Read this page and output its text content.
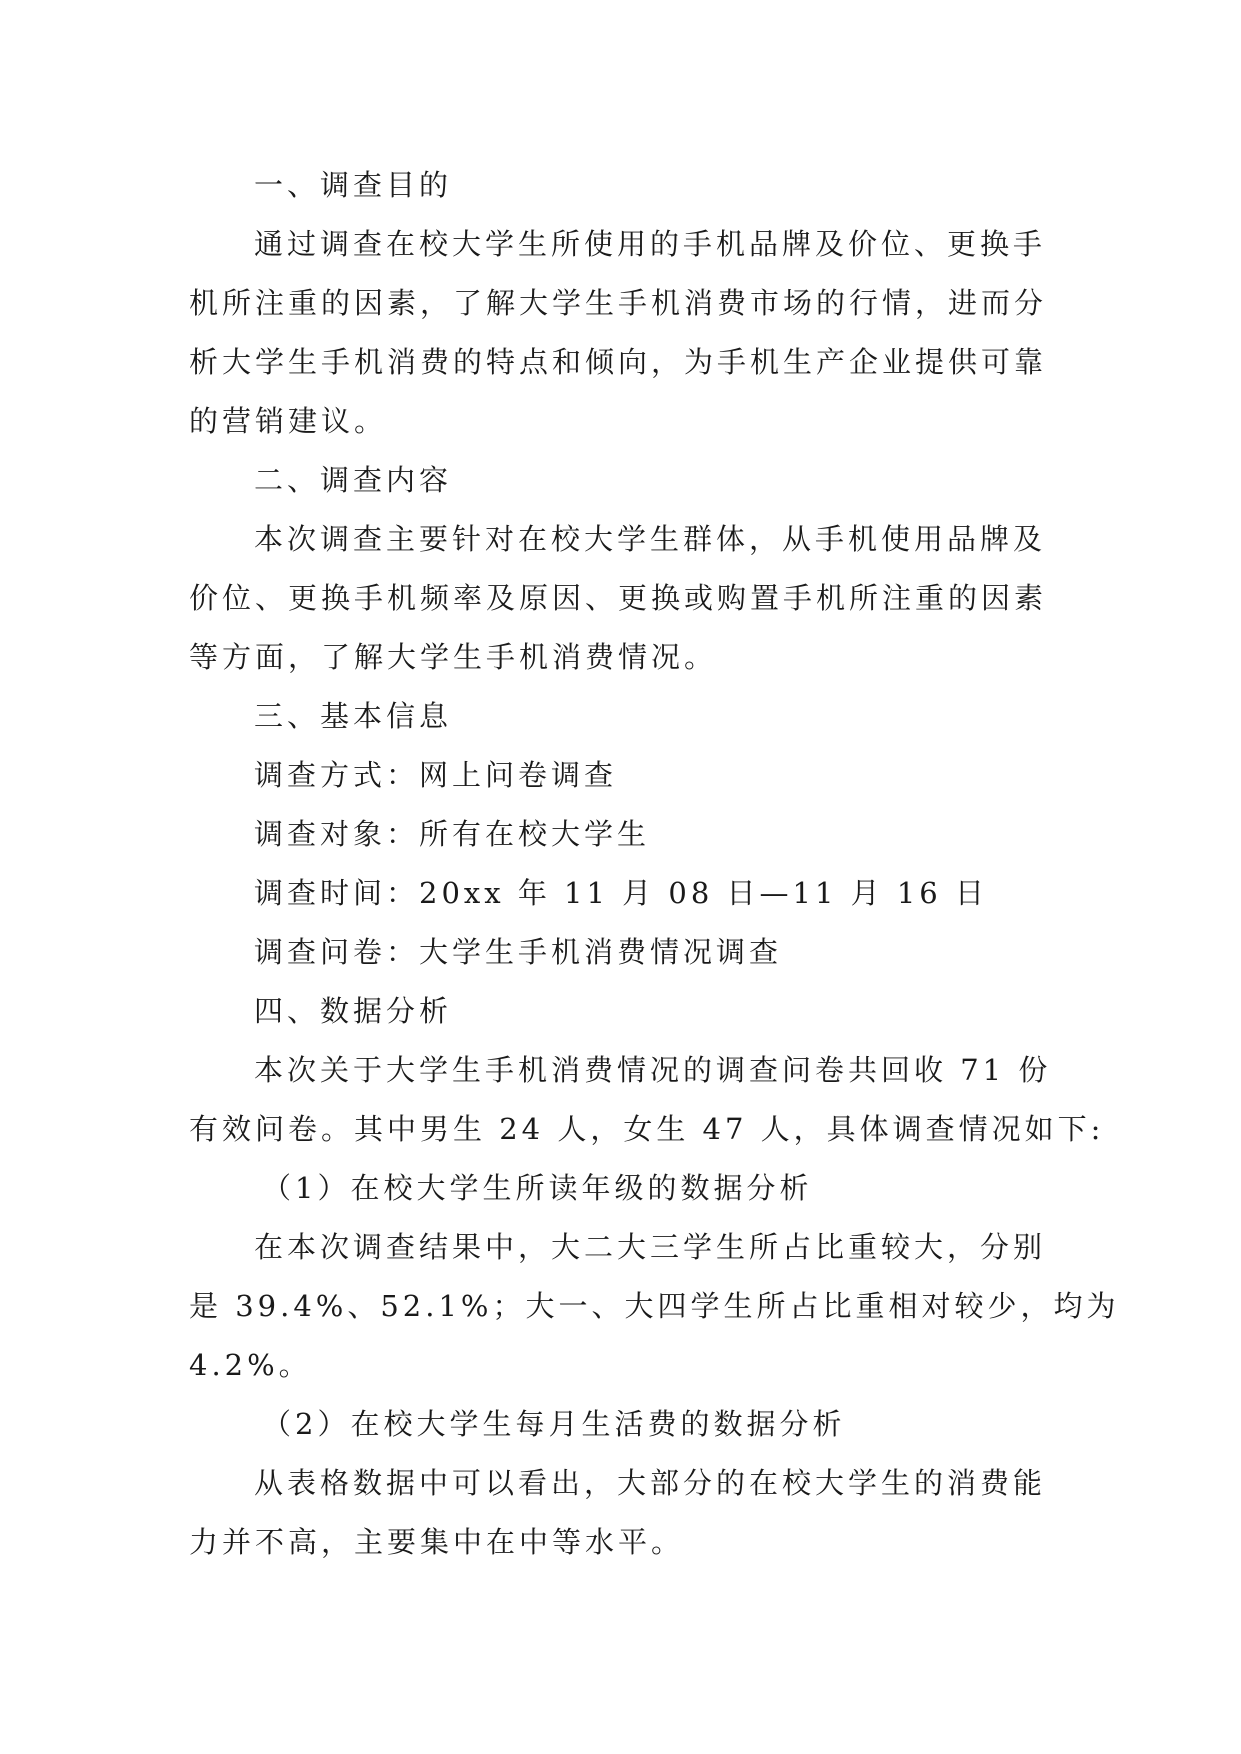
一、调查目的
通过调查在校大学生所使用的手机品牌及价位、更换手
机所注重的因素，了解大学生手机消费市场的行情，进而分
析大学生手机消费的特点和倾向，为手机生产企业提供可靠
的营销建议。
二、调查内容
本次调查主要针对在校大学生群体，从手机使用品牌及
价位、更换手机频率及原因、更换或购置手机所注重的因素
等方面，了解大学生手机消费情况。
三、基本信息
调查方式：网上问卷调查
调查对象：所有在校大学生
调查时间：20xx 年 11 月 08 日—11 月 16 日
调查问卷：大学生手机消费情况调查
四、数据分析
本次关于大学生手机消费情况的调查问卷共回收 71 份
有效问卷。其中男生 24 人，女生 47 人，具体调查情况如下:
（1）在校大学生所读年级的数据分析
在本次调查结果中，大二大三学生所占比重较大，分别
是 39.4%、52.1%；大一、大四学生所占比重相对较少，均为
4.2%。
（2）在校大学生每月生活费的数据分析
从表格数据中可以看出，大部分的在校大学生的消费能
力并不高，主要集中在中等水平。
